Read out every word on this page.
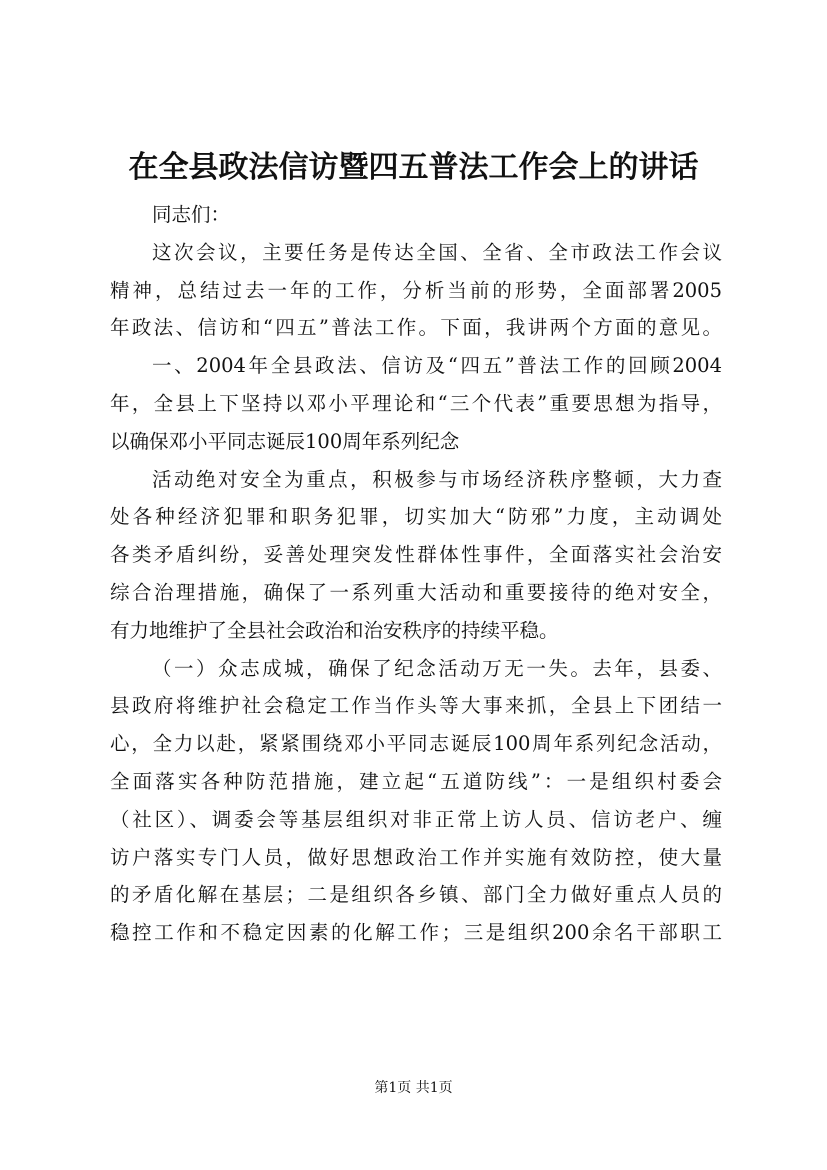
在全县政法信访暨四五普法工作会上的讲话
同志们：
这次会议，主要任务是传达全国、全省、全市政法工作会议
精神，总结过去一年的工作，分析当前的形势，全面部署2005
年政法、信访和“四五”普法工作。下面，我讲两个方面的意见。
一、2004年全县政法、信访及“四五”普法工作的回顾2004
年，全县上下坚持以邓小平理论和“三个代表”重要思想为指导，
以确保邓小平同志诞辰100周年系列纪念
活动绝对安全为重点，积极参与市场经济秩序整顿，大力查
处各种经济犯罪和职务犯罪，切实加大“防邪”力度，主动调处
各类矛盾纠纷，妥善处理突发性群体性事件，全面落实社会治安
综合治理措施，确保了一系列重大活动和重要接待的绝对安全，
有力地维护了全县社会政治和治安秩序的持续平稳。
（一）众志成城，确保了纪念活动万无一失。去年，县委、
县政府将维护社会稳定工作当作头等大事来抓，全县上下团结一
心，全力以赴，紧紧围绕邓小平同志诞辰100周年系列纪念活动，
全面落实各种防范措施，建立起“五道防线”：一是组织村委会
（社区）、调委会等基层组织对非正常上访人员、信访老户、缠
访户落实专门人员，做好思想政治工作并实施有效防控，使大量
的矛盾化解在基层；二是组织各乡镇、部门全力做好重点人员的
稳控工作和不稳定因素的化解工作；三是组织200余名干部职工
第1页 共1页
